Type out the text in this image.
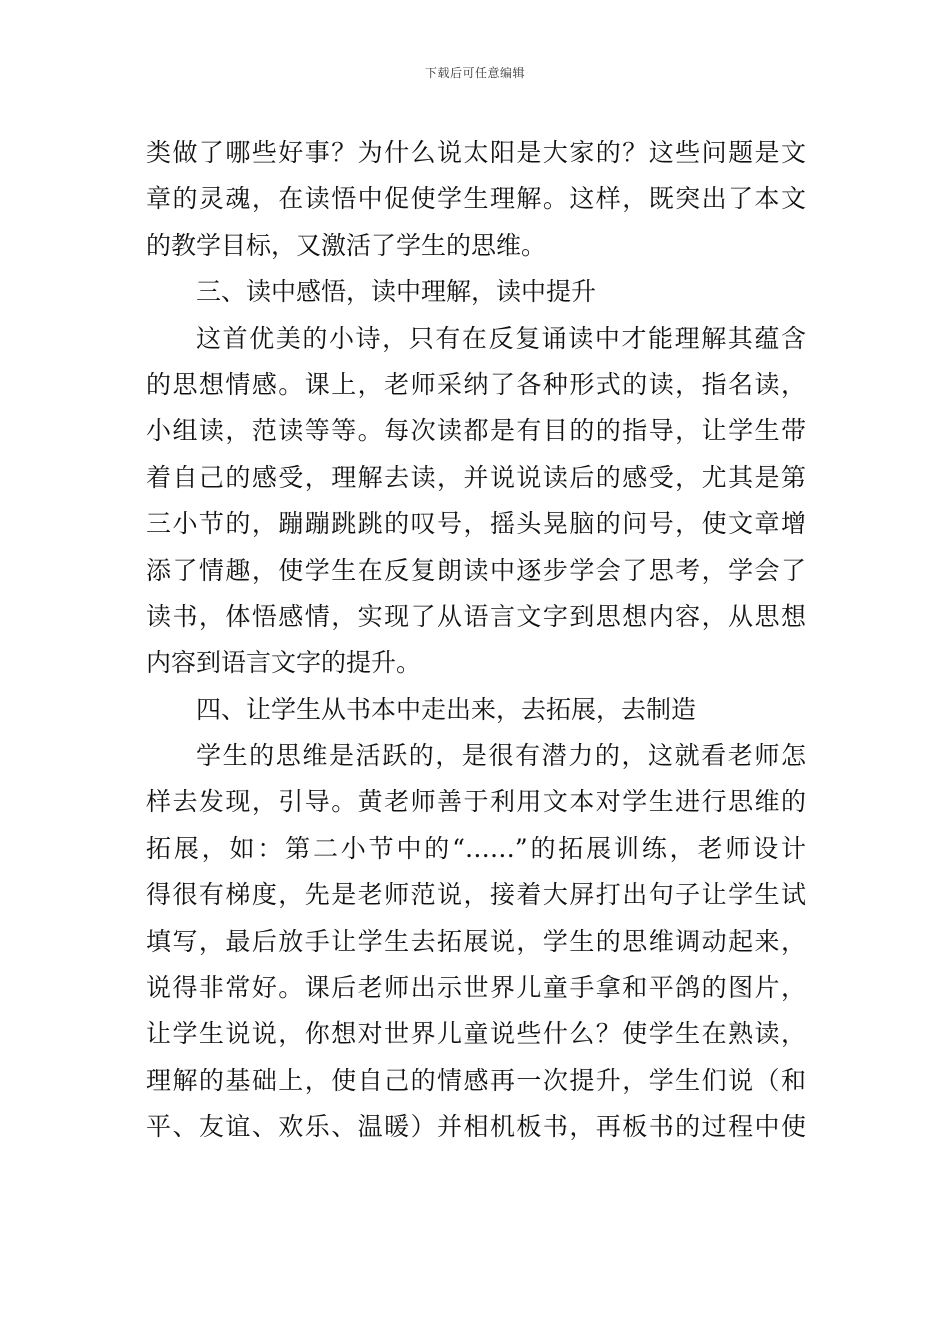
下载后可任意编辑
类做了哪些好事？为什么说太阳是大家的？这些问题是文
章的灵魂，在读悟中促使学生理解。这样，既突出了本文
的教学目标，又激活了学生的思维。
三、读中感悟，读中理解，读中提升
这首优美的小诗，只有在反复诵读中才能理解其蕴含
的思想情感。课上，老师采纳了各种形式的读，指名读，
小组读，范读等等。每次读都是有目的的指导，让学生带
着自己的感受，理解去读，并说说读后的感受，尤其是第
三小节的，蹦蹦跳跳的叹号，摇头晃脑的问号，使文章增
添了情趣，使学生在反复朗读中逐步学会了思考，学会了
读书，体悟感情，实现了从语言文字到思想内容，从思想
内容到语言文字的提升。
四、让学生从书本中走出来，去拓展，去制造
学生的思维是活跃的，是很有潜力的，这就看老师怎
样去发现，引导。黄老师善于利用文本对学生进行思维的
拓展，如：第二小节中的“……”的拓展训练，老师设计
得很有梯度，先是老师范说，接着大屏打出句子让学生试
填写，最后放手让学生去拓展说，学生的思维调动起来，
说得非常好。课后老师出示世界儿童手拿和平鸽的图片，
让学生说说，你想对世界儿童说些什么？使学生在熟读，
理解的基础上，使自己的情感再一次提升，学生们说（和
平、友谊、欢乐、温暖）并相机板书，再板书的过程中使
